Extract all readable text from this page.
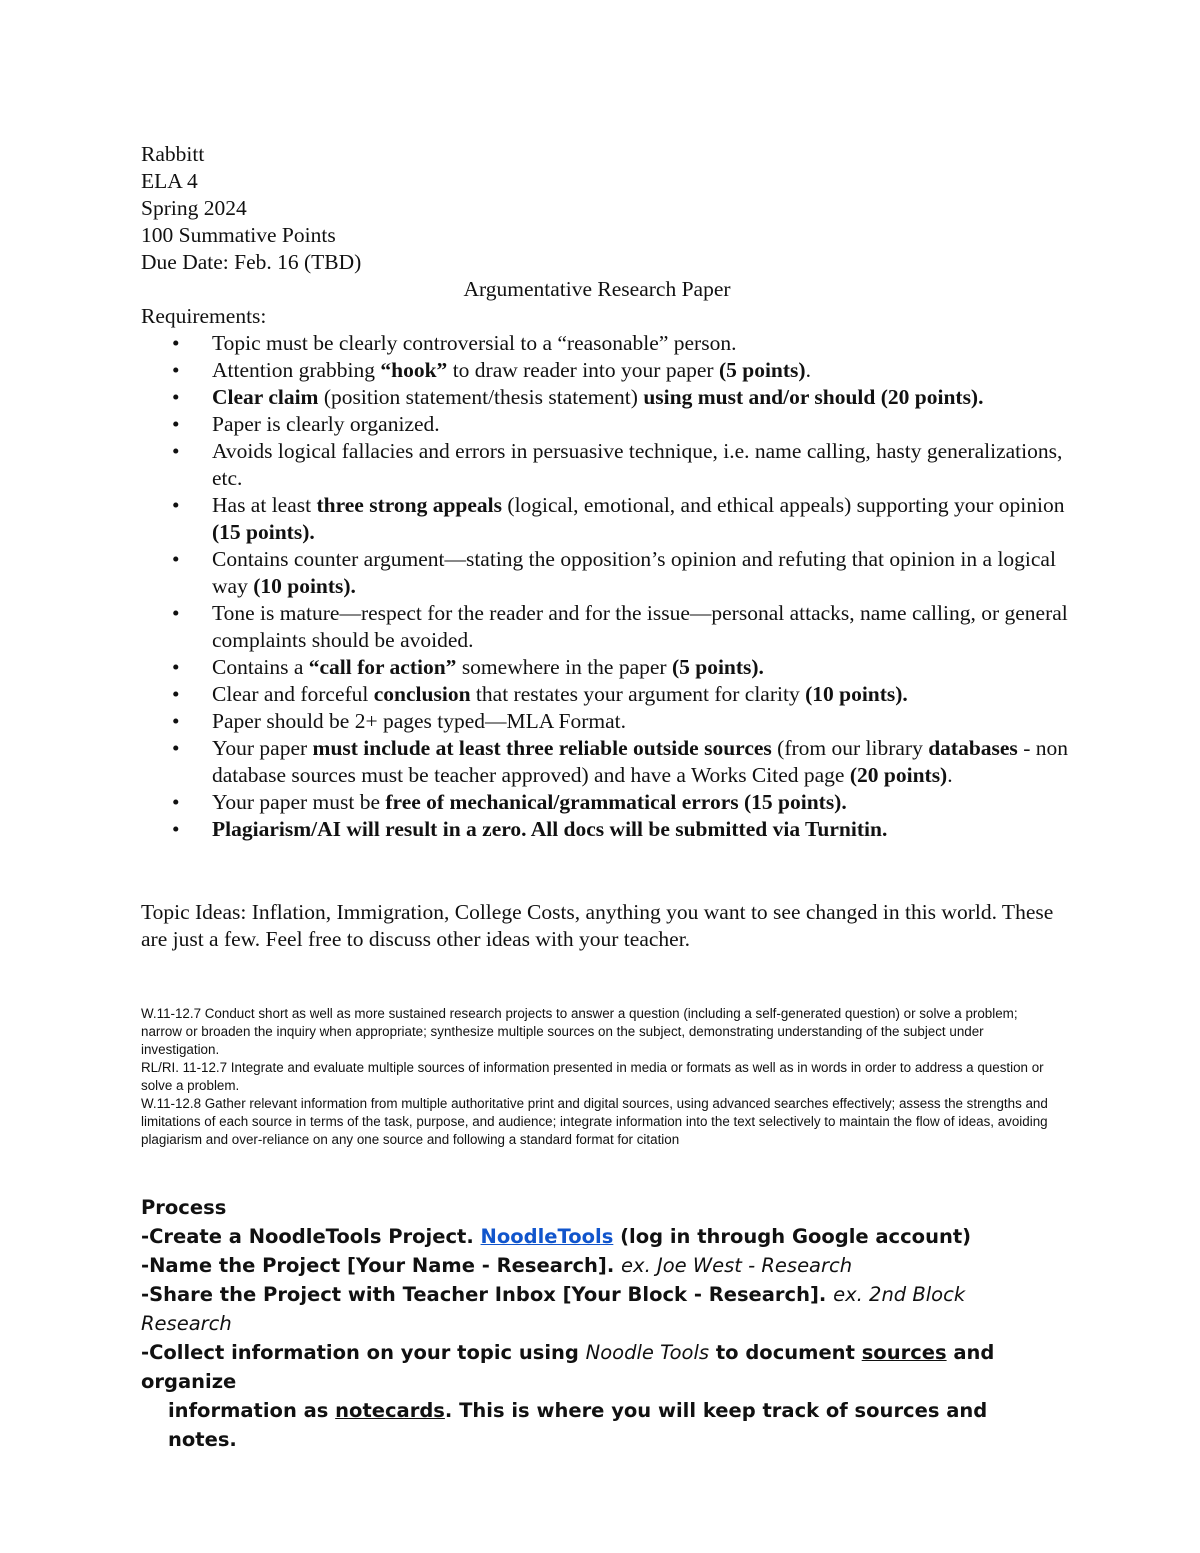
Rabbitt
ELA 4
Spring 2024
100 Summative Points
Due Date: Feb. 16 (TBD)
Argumentative Research Paper
Requirements:
• Topic must be clearly controversial to a “reasonable” person.
• Attention grabbing “hook” to draw reader into your paper (5 points).
• Clear claim (position statement/thesis statement) using must and/or should (20 points).
• Paper is clearly organized.
• Avoids logical fallacies and errors in persuasive technique, i.e. name calling, hasty generalizations, etc.
• Has at least three strong appeals (logical, emotional, and ethical appeals) supporting your opinion (15 points).
• Contains counter argument—stating the opposition’s opinion and refuting that opinion in a logical way (10 points).
• Tone is mature—respect for the reader and for the issue—personal attacks, name calling, or general complaints should be avoided.
• Contains a “call for action” somewhere in the paper (5 points).
• Clear and forceful conclusion that restates your argument for clarity (10 points).
• Paper should be 2+ pages typed—MLA Format.
• Your paper must include at least three reliable outside sources (from our library databases - non database sources must be teacher approved) and have a Works Cited page (20 points).
• Your paper must be free of mechanical/grammatical errors (15 points).
• Plagiarism/AI will result in a zero. All docs will be submitted via Turnitin.
Topic Ideas: Inflation, Immigration, College Costs, anything you want to see changed in this world. These are just a few. Feel free to discuss other ideas with your teacher.
W.11-12.7 Conduct short as well as more sustained research projects to answer a question (including a self-generated question) or solve a problem; narrow or broaden the inquiry when appropriate; synthesize multiple sources on the subject, demonstrating understanding of the subject under investigation.
RL/RI. 11-12.7 Integrate and evaluate multiple sources of information presented in media or formats as well as in words in order to address a question or solve a problem.
W.11-12.8 Gather relevant information from multiple authoritative print and digital sources, using advanced searches effectively; assess the strengths and limitations of each source in terms of the task, purpose, and audience; integrate information into the text selectively to maintain the flow of ideas, avoiding plagiarism and over-reliance on any one source and following a standard format for citation
Process
-Create a NoodleTools Project. NoodleTools (log in through Google account)
-Name the Project [Your Name - Research]. ex. Joe West - Research
-Share the Project with Teacher Inbox [Your Block - Research]. ex. 2nd Block Research
-Collect information on your topic using Noodle Tools to document sources and
organize
information as notecards. This is where you will keep track of sources and notes.
